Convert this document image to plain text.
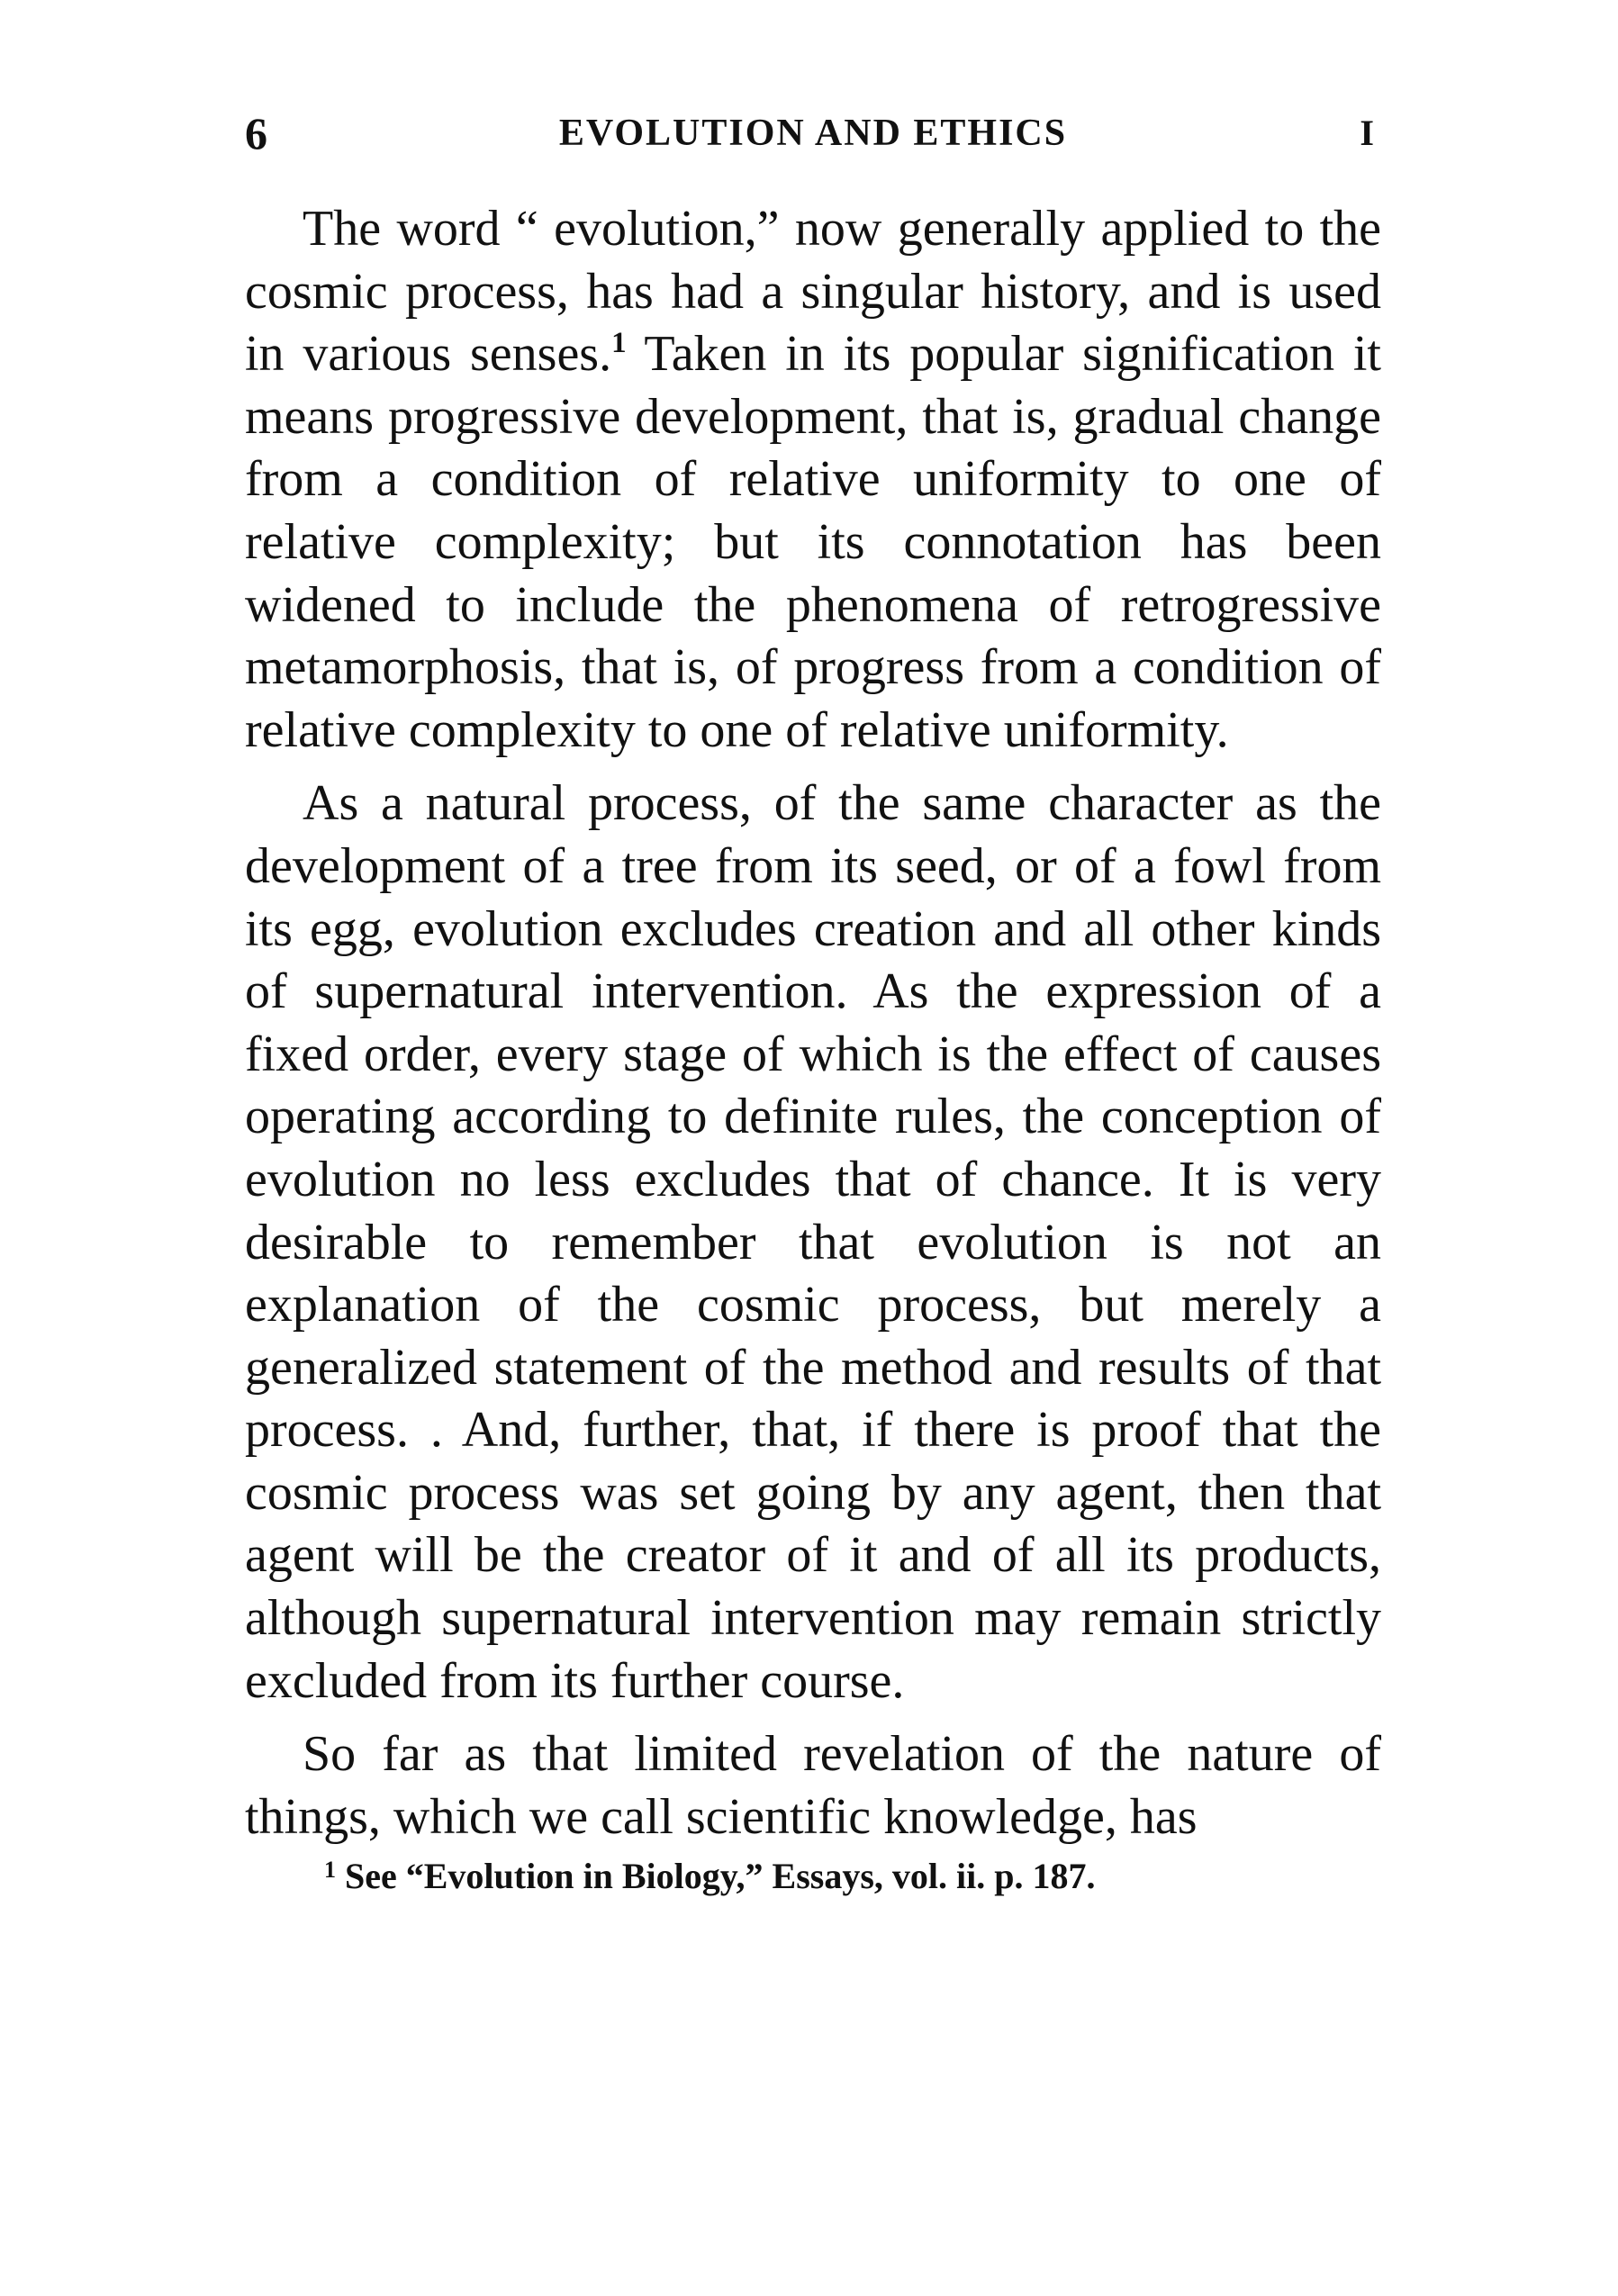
6	EVOLUTION AND ETHICS	I

The word “ evolution,” now generally applied to the cosmic process, has had a singular history, and is used in various senses.$^1$ Taken in its popular signification it means progressive development, that is, gradual change from a condition of relative uniformity to one of relative complexity; but its connotation has been widened to include the phenomena of retrogressive metamorphosis, that is, of progress from a condition of relative complexity to one of relative uniformity.

As a natural process, of the same character as the development of a tree from its seed, or of a fowl from its egg, evolution excludes creation and all other kinds of supernatural intervention. As the expression of a fixed order, every stage of which is the effect of causes operating according to definite rules, the conception of evolution no less excludes that of chance. It is very desirable to remember that evolution is not an explanation of the cosmic process, but merely a generalized statement of the method and results of that process. . And, further, that, if there is proof that the cosmic process was set going by any agent, then that agent will be the creator of it and of all its products, although supernatural intervention may remain strictly excluded from its further course.

So far as that limited revelation of the nature of things, which we call scientific knowledge, has

$^1$ See “Evolution in Biology,” Essays, vol. ii. p. 187.
